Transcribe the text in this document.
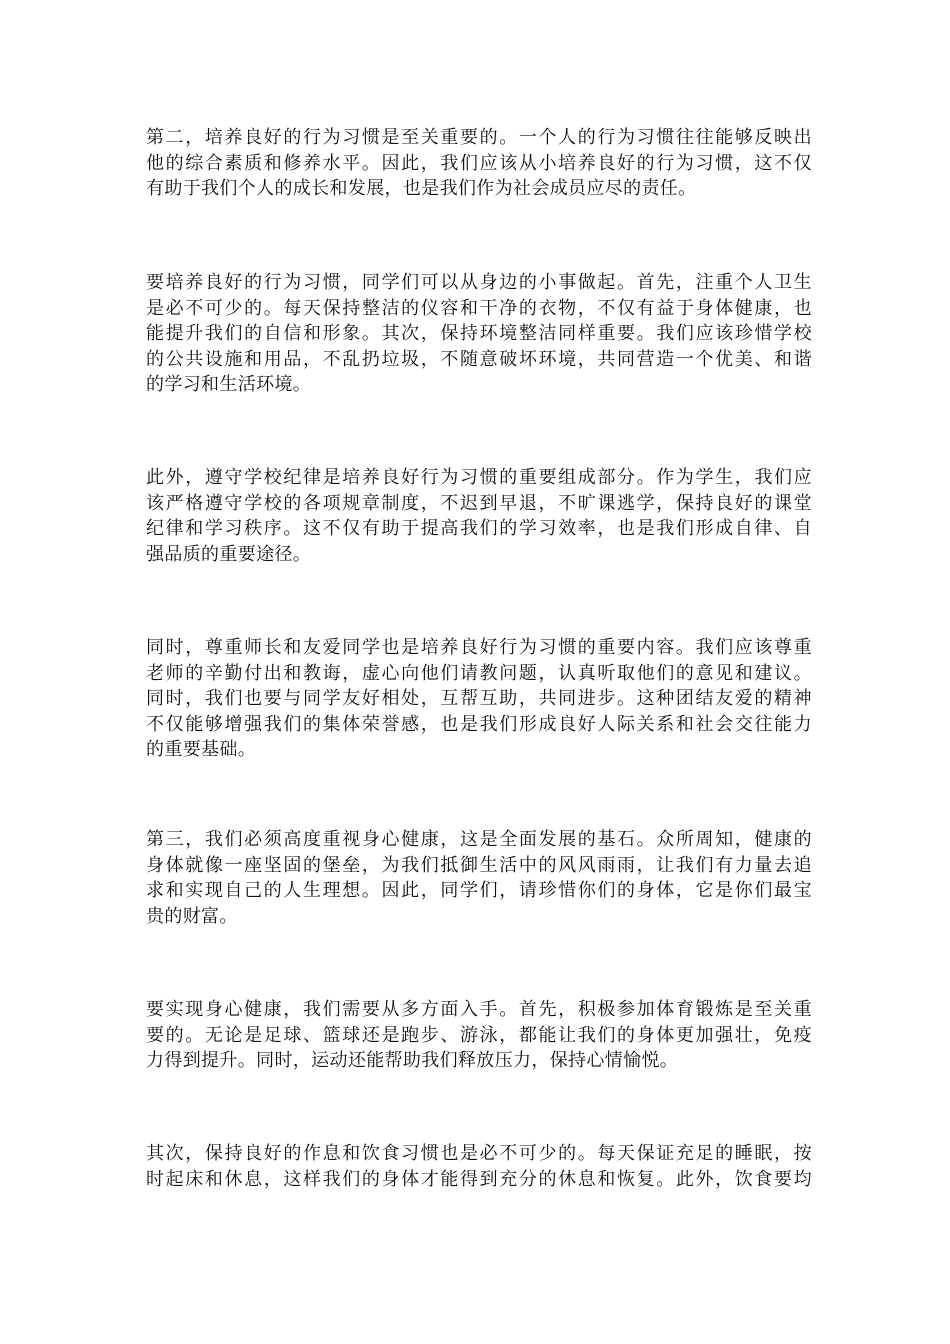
第二，培养良好的行为习惯是至关重要的。一个人的行为习惯往往能够反映出
他的综合素质和修养水平。因此，我们应该从小培养良好的行为习惯，这不仅
有助于我们个人的成长和发展，也是我们作为社会成员应尽的责任。

要培养良好的行为习惯，同学们可以从身边的小事做起。首先，注重个人卫生
是必不可少的。每天保持整洁的仪容和干净的衣物，不仅有益于身体健康，也
能提升我们的自信和形象。其次，保持环境整洁同样重要。我们应该珍惜学校
的公共设施和用品，不乱扔垃圾，不随意破坏环境，共同营造一个优美、和谐
的学习和生活环境。

此外，遵守学校纪律是培养良好行为习惯的重要组成部分。作为学生，我们应
该严格遵守学校的各项规章制度，不迟到早退，不旷课逃学，保持良好的课堂
纪律和学习秩序。这不仅有助于提高我们的学习效率，也是我们形成自律、自
强品质的重要途径。

同时，尊重师长和友爱同学也是培养良好行为习惯的重要内容。我们应该尊重
老师的辛勤付出和教诲，虚心向他们请教问题，认真听取他们的意见和建议。
同时，我们也要与同学友好相处，互帮互助，共同进步。这种团结友爱的精神
不仅能够增强我们的集体荣誉感，也是我们形成良好人际关系和社会交往能力
的重要基础。

第三，我们必须高度重视身心健康，这是全面发展的基石。众所周知，健康的
身体就像一座坚固的堡垒，为我们抵御生活中的风风雨雨，让我们有力量去追
求和实现自己的人生理想。因此，同学们，请珍惜你们的身体，它是你们最宝
贵的财富。

要实现身心健康，我们需要从多方面入手。首先，积极参加体育锻炼是至关重
要的。无论是足球、篮球还是跑步、游泳，都能让我们的身体更加强壮，免疫
力得到提升。同时，运动还能帮助我们释放压力，保持心情愉悦。

其次，保持良好的作息和饮食习惯也是必不可少的。每天保证充足的睡眠，按
时起床和休息，这样我们的身体才能得到充分的休息和恢复。此外，饮食要均
